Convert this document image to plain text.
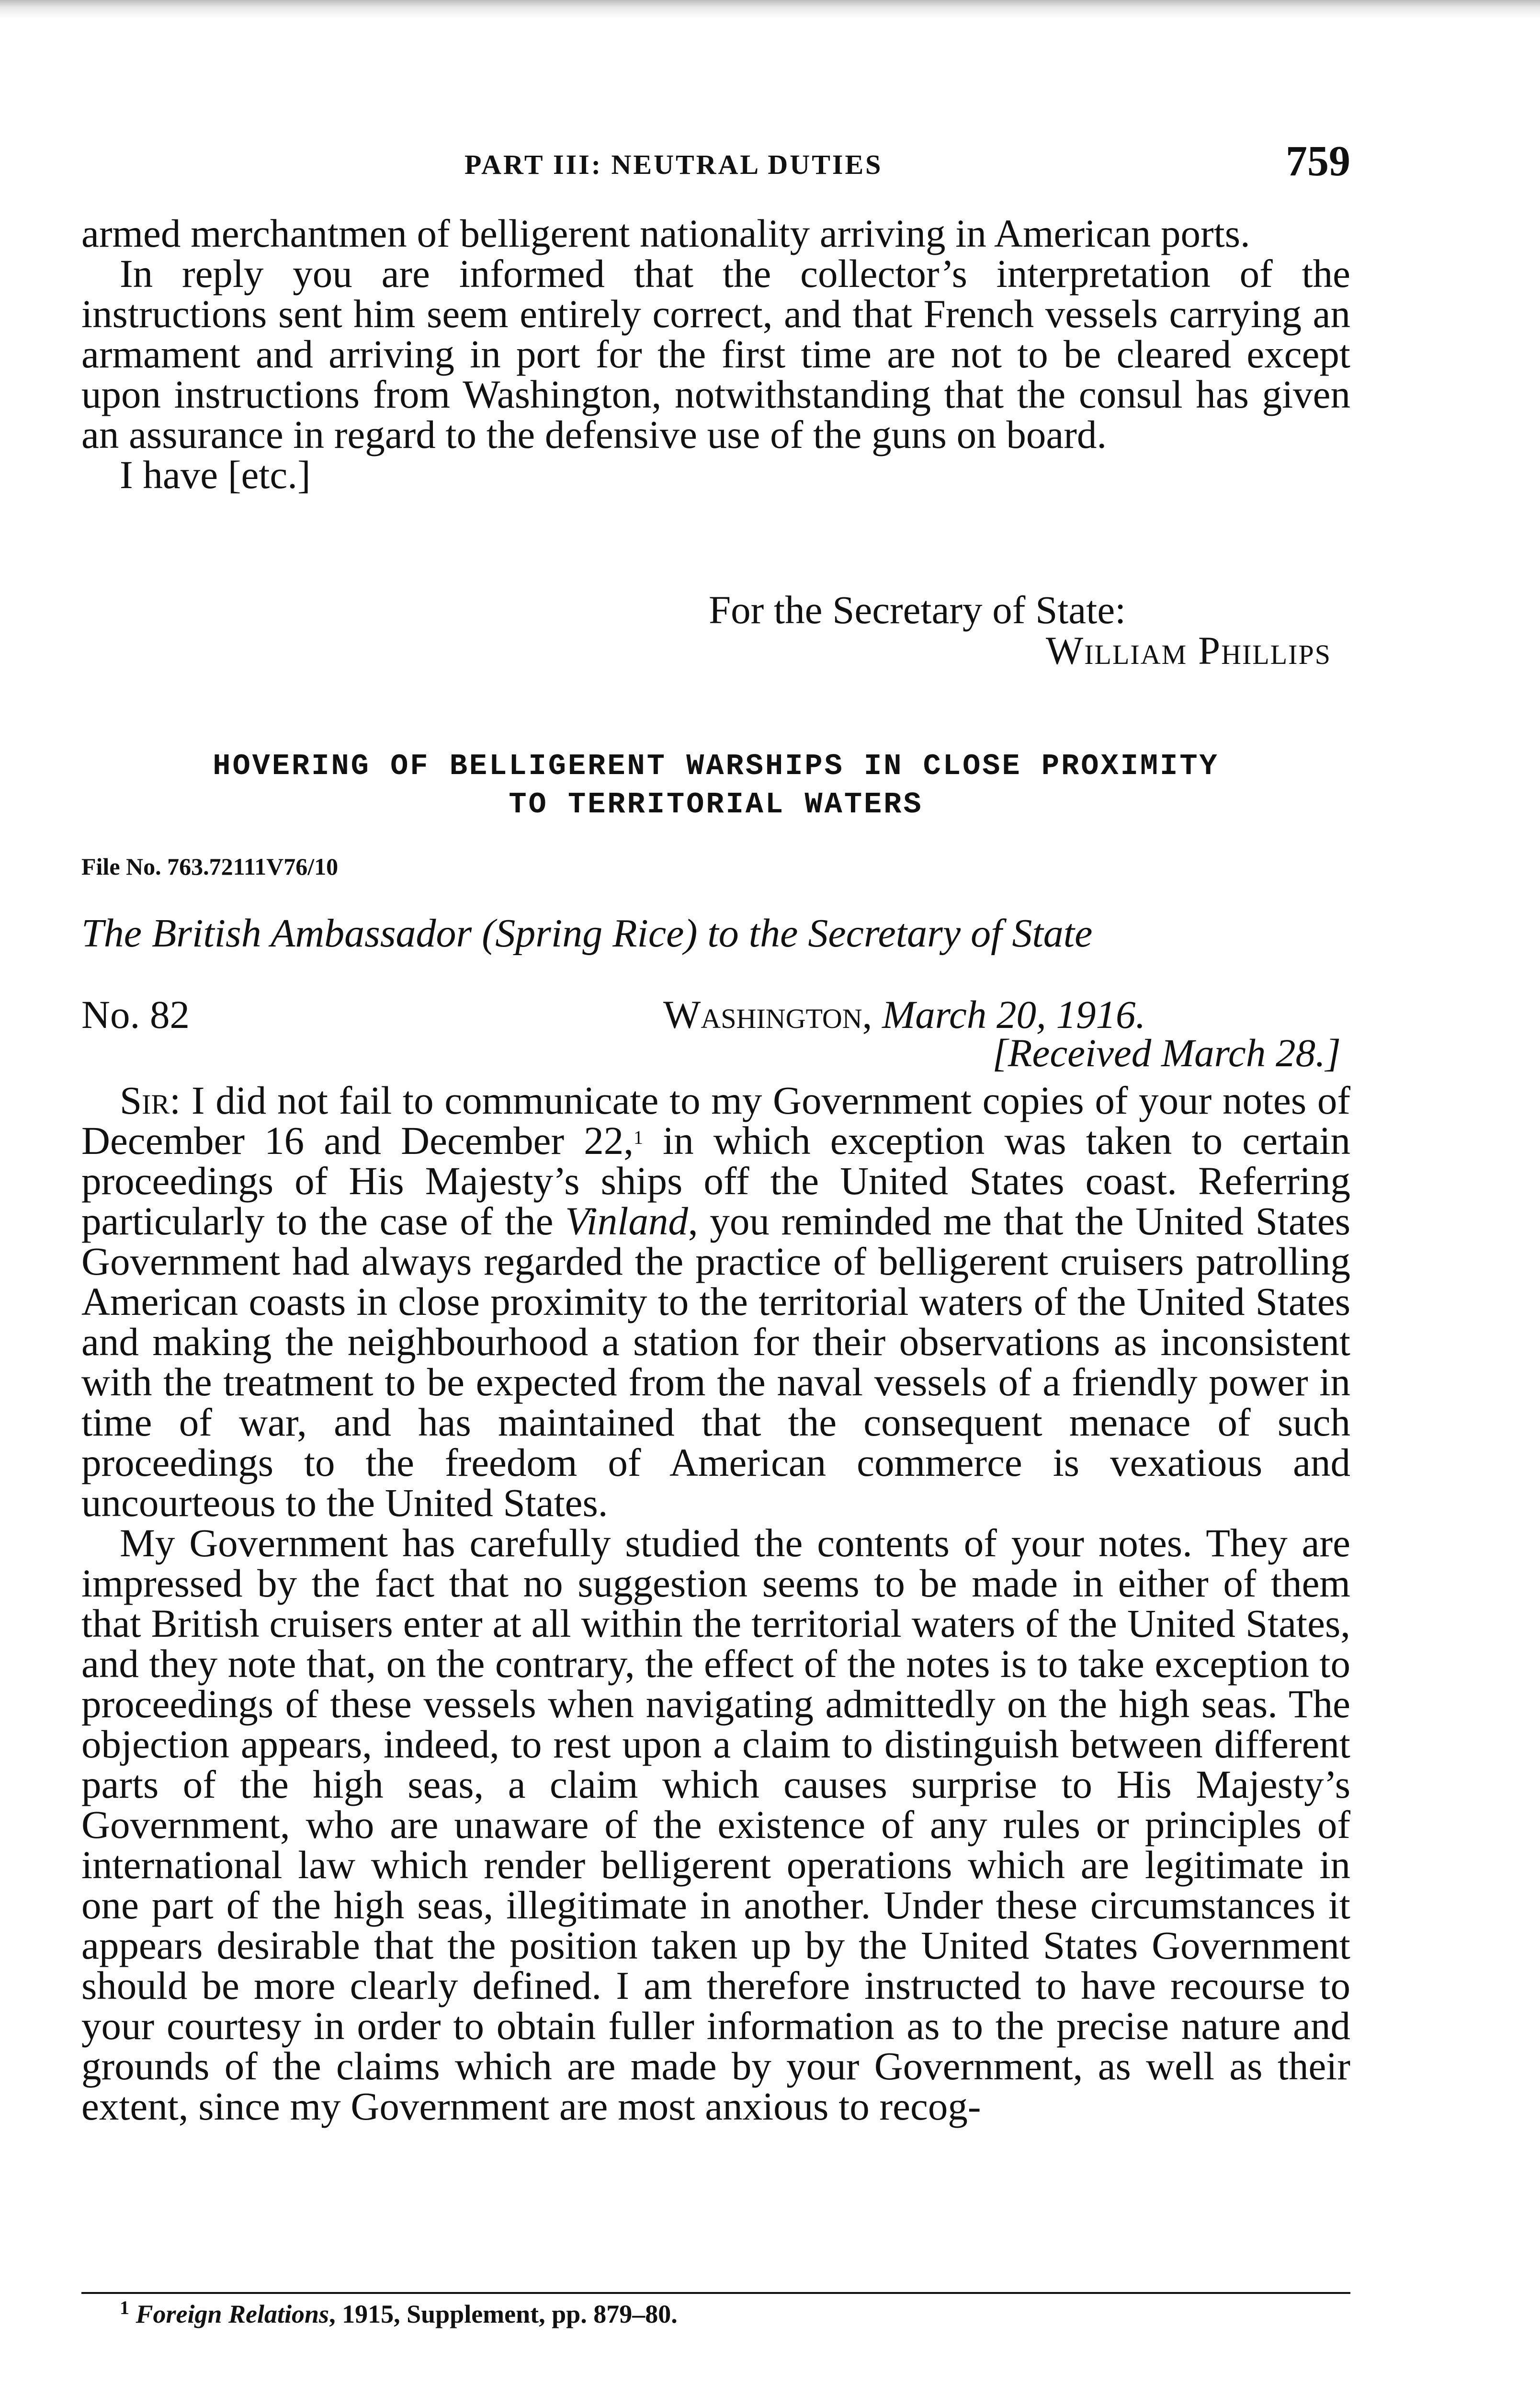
PART III: NEUTRAL DUTIES	759

armed merchantmen of belligerent nationality arriving in American ports.

In reply you are informed that the collector’s interpretation of the instructions sent him seem entirely correct, and that French vessels carrying an armament and arriving in port for the first time are not to be cleared except upon instructions from Washington, notwithstanding that the consul has given an assurance in regard to the defensive use of the guns on board.

I have [etc.]

For the Secretary of State:
William Phillips
HOVERING OF BELLIGERENT WARSHIPS IN CLOSE PROXIMITY
TO TERRITORIAL WATERS
File No. 763.72111V76/10
The British Ambassador (Spring Rice) to the Secretary of State
No. 82	Washington, March 20, 1916.
[Received March 28.]

Sir: I did not fail to communicate to my Government copies of your notes of December 16 and December 22,$^1$ in which exception was taken to certain proceedings of His Majesty’s ships off the United States coast. Referring particularly to the case of the Vinland, you reminded me that the United States Government had always regarded the practice of belligerent cruisers patrolling American coasts in close proximity to the territorial waters of the United States and making the neighbourhood a station for their observations as inconsistent with the treatment to be expected from the naval vessels of a friendly power in time of war, and has maintained that the consequent menace of such proceedings to the freedom of American commerce is vexatious and uncourteous to the United States.

My Government has carefully studied the contents of your notes. They are impressed by the fact that no suggestion seems to be made in either of them that British cruisers enter at all within the territorial waters of the United States, and they note that, on the contrary, the effect of the notes is to take exception to proceedings of these vessels when navigating admittedly on the high seas. The objection appears, indeed, to rest upon a claim to distinguish between different parts of the high seas, a claim which causes surprise to His Majesty’s Government, who are unaware of the existence of any rules or principles of international law which render belligerent operations which are legitimate in one part of the high seas, illegitimate in another. Under these circumstances it appears desirable that the position taken up by the United States Government should be more clearly defined. I am therefore instructed to have recourse to your courtesy in order to obtain fuller information as to the precise nature and grounds of the claims which are made by your Government, as well as their extent, since my Government are most anxious to recog-

$^1$ Foreign Relations, 1915, Supplement, pp. 879–80.
